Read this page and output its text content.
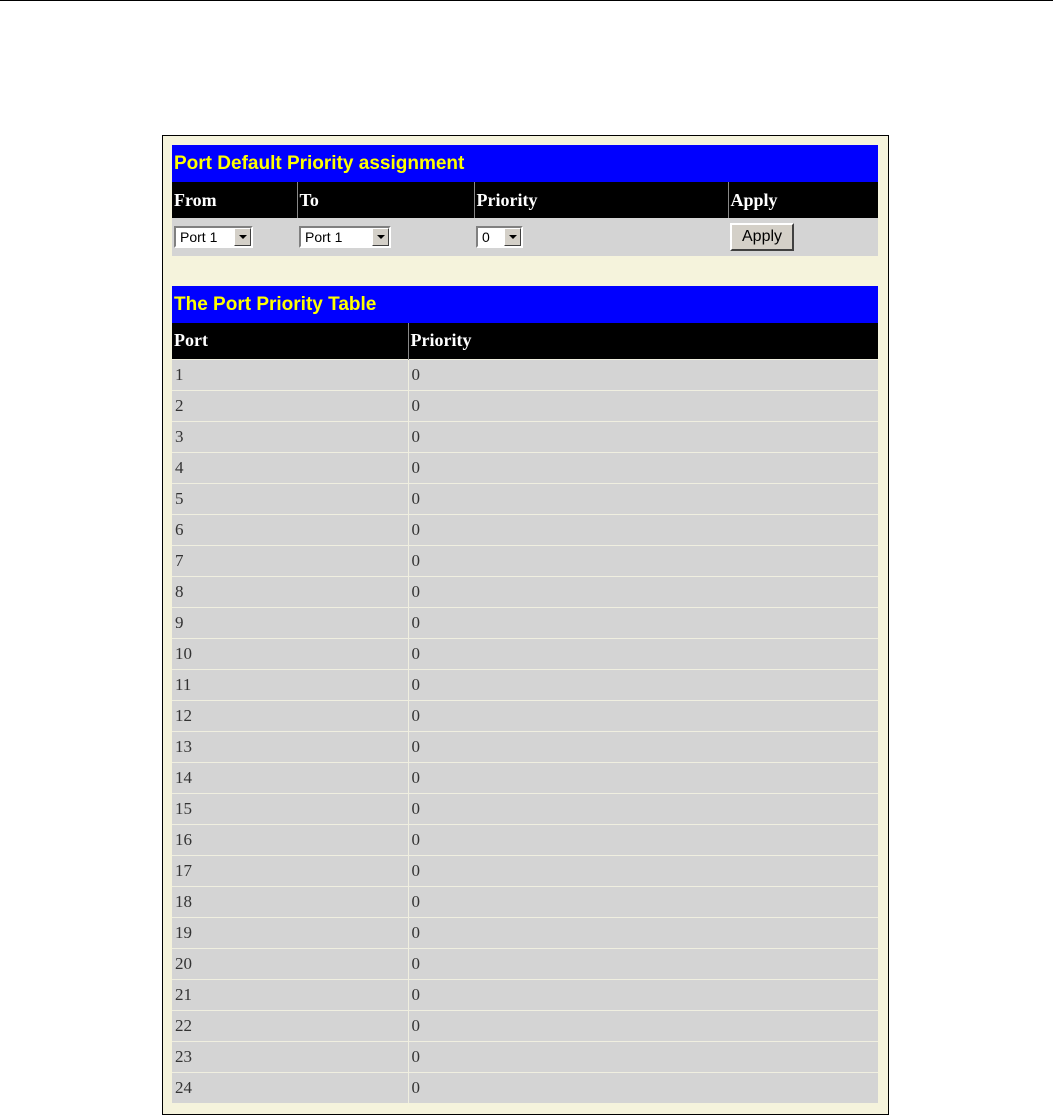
Port Default Priority assignment
From	To	Priority	Apply

Port 1	Port 1	0	Apply
The Port Priority Table
Port	Priority
1	0
2	0
3	0
4	0
5	0
6	0
7	0
8	0
9	0
10	0
11	0
12	0
13	0
14	0
15	0
16	0
17	0
18	0
19	0
20	0
21	0
22	0
23	0
24	0
